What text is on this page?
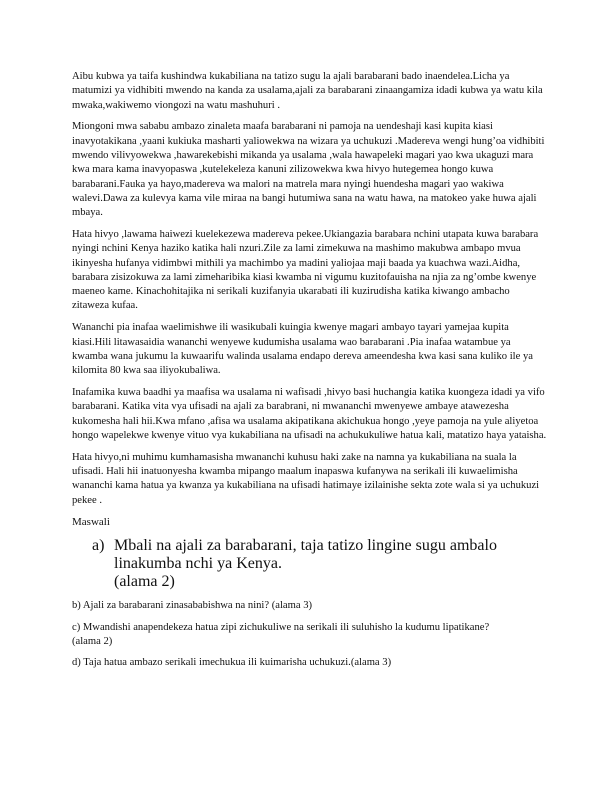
Aibu kubwa ya taifa kushindwa kukabiliana na tatizo sugu la ajali barabarani bado inaendelea.Licha ya matumizi ya vidhibiti mwendo na kanda za usalama,ajali za barabarani zinaangamiza idadi kubwa ya watu kila mwaka,wakiwemo viongozi na watu mashuhuri .

Miongoni mwa sababu ambazo zinaleta maafa barabarani ni pamoja na uendeshaji kasi kupita kiasi inavyotakikana ,yaani kukiuka masharti yaliowekwa na wizara ya uchukuzi .Madereva wengi hung’oa vidhibiti mwendo vilivyowekwa ,hawarekebishi mikanda ya usalama ,wala hawapeleki magari yao kwa ukaguzi mara kwa mara kama inavyopaswa ,kutelekeleza kanuni zilizowekwa kwa hivyo hutegemea hongo kuwa barabarani.Fauka ya hayo,madereva wa malori na matrela mara nyingi huendesha magari yao wakiwa walevi.Dawa za kulevya kama vile miraa na bangi hutumiwa sana na watu hawa, na matokeo yake huwa ajali mbaya.

Hata hivyo ,lawama haiwezi kuelekezewa madereva pekee.Ukiangazia barabara nchini utapata kuwa barabara nyingi nchini Kenya haziko katika hali nzuri.Zile za lami zimekuwa na mashimo makubwa ambapo mvua ikinyesha hufanya vidimbwi mithili ya machimbo ya madini yaliojaa maji baada ya kuachwa wazi.Aidha, barabara zisizokuwa za lami zimeharibika kiasi kwamba ni vigumu kuzitofauisha na njia za ng’ombe kwenye maeneo kame. Kinachohitajika ni serikali kuzifanyia ukarabati ili kuzirudisha katika kiwango ambacho zitaweza kufaa.

Wananchi pia inafaa waelimishwe ili wasikubali kuingia kwenye magari ambayo tayari yamejaa kupita kiasi.Hili litawasaidia wananchi wenyewe kudumisha usalama wao barabarani .Pia inafaa watambue ya kwamba wana jukumu la kuwaarifu walinda usalama endapo dereva ameendesha kwa kasi sana kuliko ile ya kilomita 80 kwa saa iliyokubaliwa.

Inafamika kuwa baadhi ya maafisa wa usalama ni wafisadi ,hivyo basi huchangia katika kuongeza idadi ya vifo barabarani. Katika vita vya ufisadi na ajali za barabrani, ni mwananchi mwenyewe ambaye atawezesha kukomesha hali hii.Kwa mfano ,afisa wa usalama akipatikana akichukua hongo ,yeye pamoja na yule aliyetoa hongo wapelekwe kwenye vituo vya kukabiliana na ufisadi na achukukuliwe hatua kali, matatizo haya yataisha.

Hata hivyo,ni muhimu kumhamasisha mwananchi kuhusu haki zake na namna ya kukabiliana na suala la ufisadi. Hali hii inatuonyesha kwamba mipango maalum inapaswa kufanywa na serikali ili kuwaelimisha wananchi kama hatua ya kwanza ya kukabiliana na ufisadi hatimaye izilainishe sekta zote wala si ya uchukuzi pekee .

Maswali

a) Mbali na ajali za barabarani, taja tatizo lingine sugu ambalo linakumba nchi ya Kenya.
(alama 2)

b) Ajali za barabarani zinasababishwa na nini? (alama 3)

c) Mwandishi anapendekeza hatua zipi zichukuliwe na serikali ili suluhisho la kudumu lipatikane?(alama 2)

d) Taja hatua ambazo serikali imechukua ili kuimarisha uchukuzi.(alama 3)
